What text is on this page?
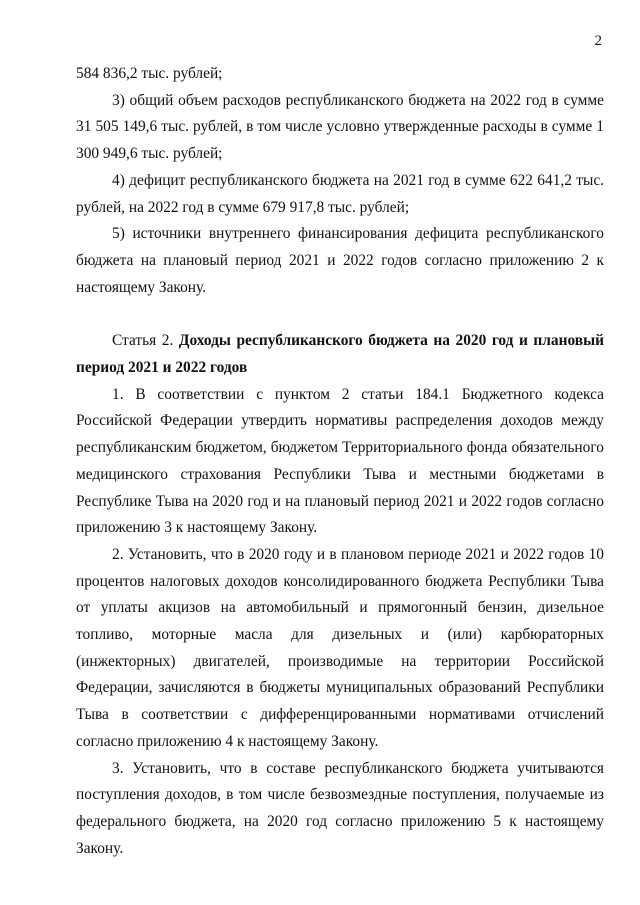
2

584 836,2 тыс. рублей;

3) общий объем расходов республиканского бюджета на 2022 год в сумме 31 505 149,6 тыс. рублей, в том числе условно утвержденные расходы в сумме 1 300 949,6 тыс. рублей;

4) дефицит республиканского бюджета на 2021 год в сумме 622 641,2 тыс. рублей, на 2022 год в сумме 679 917,8 тыс. рублей;

5) источники внутреннего финансирования дефицита республиканского бюджета на плановый период 2021 и 2022 годов согласно приложению 2 к настоящему Закону.

Статья 2. Доходы республиканского бюджета на 2020 год и плановый период 2021 и 2022 годов

1. В соответствии с пунктом 2 статьи 184.1 Бюджетного кодекса Российской Федерации утвердить нормативы распределения доходов между республиканским бюджетом, бюджетом Территориального фонда обязательного медицинского страхования Республики Тыва и местными бюджетами в Республике Тыва на 2020 год и на плановый период 2021 и 2022 годов согласно приложению 3 к настоящему Закону.

2. Установить, что в 2020 году и в плановом периоде 2021 и 2022 годов 10 процентов налоговых доходов консолидированного бюджета Республики Тыва от уплаты акцизов на автомобильный и прямогонный бензин, дизельное топливо, моторные масла для дизельных и (или) карбюраторных (инжекторных) двигателей, производимые на территории Российской Федерации, зачисляются в бюджеты муниципальных образований Республики Тыва в соответствии с дифференцированными нормативами отчислений согласно приложению 4 к настоящему Закону.

3. Установить, что в составе республиканского бюджета учитываются поступления доходов, в том числе безвозмездные поступления, получаемые из федерального бюджета, на 2020 год согласно приложению 5 к настоящему Закону.
